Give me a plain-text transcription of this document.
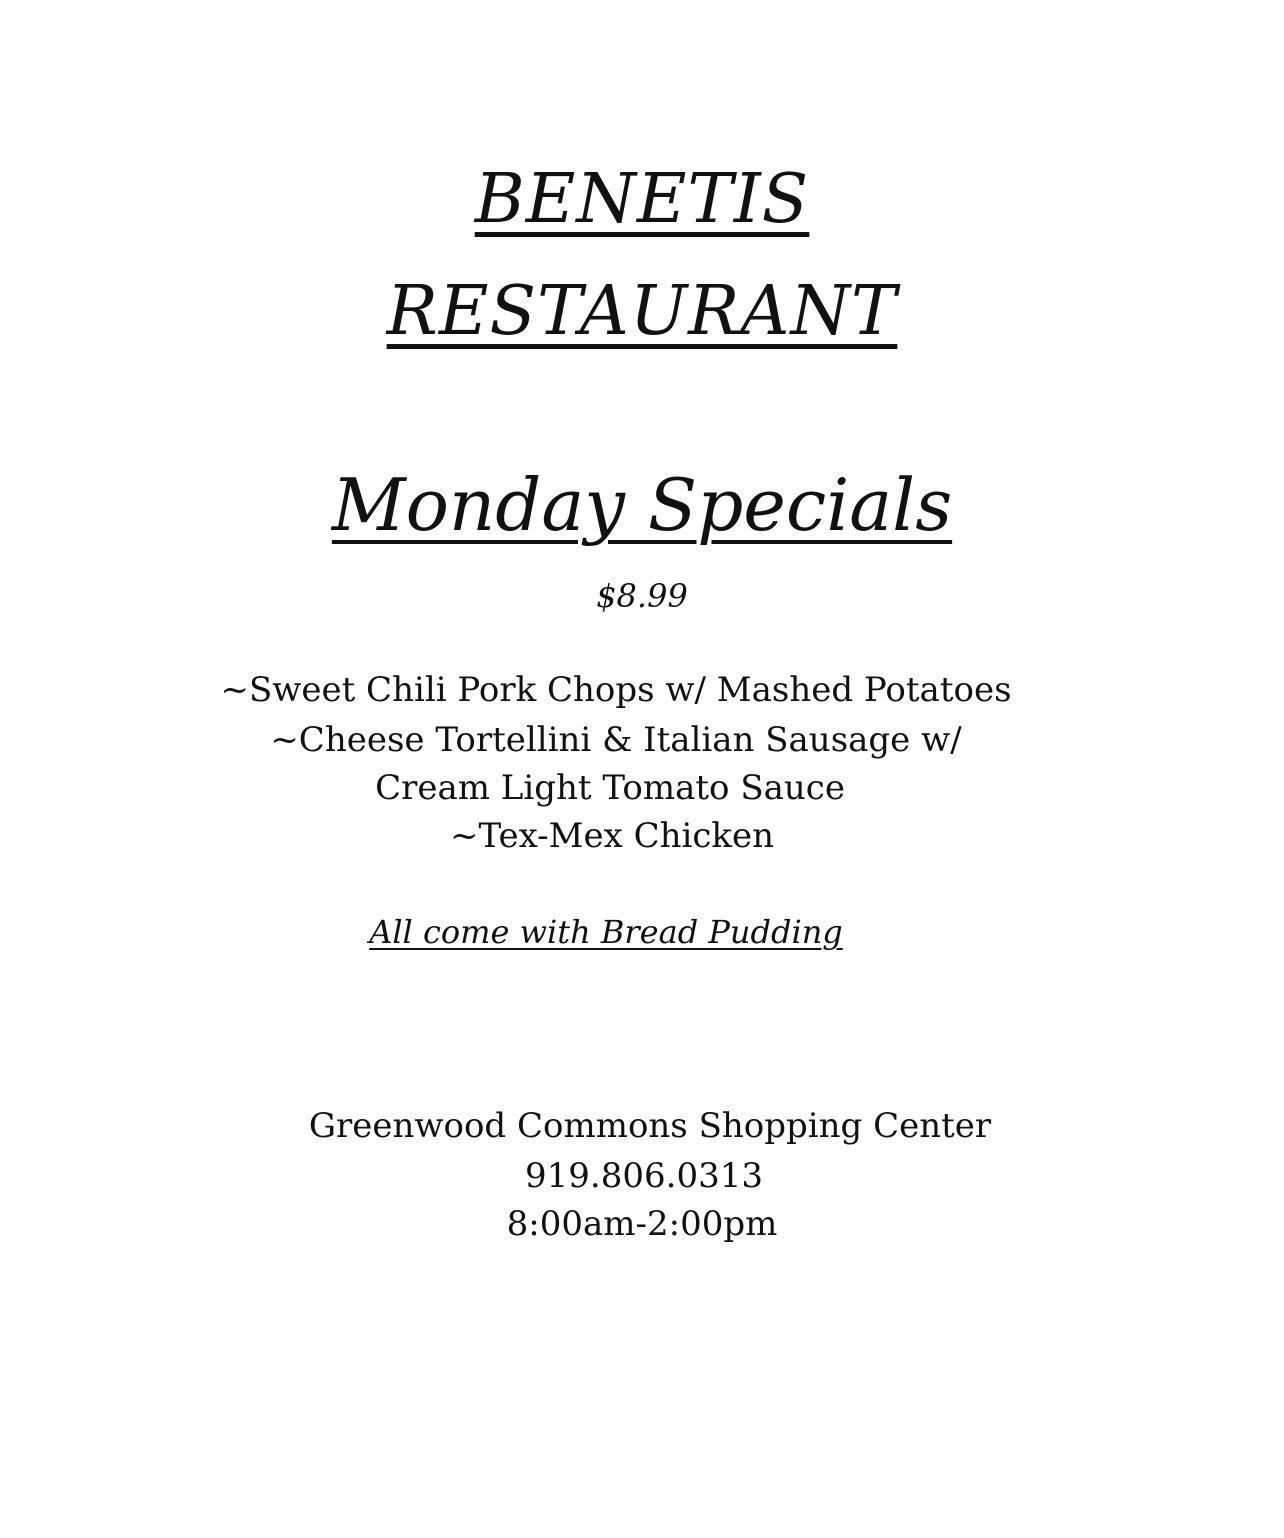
BENETIS

RESTAURANT

Monday Specials

$8.99

~Sweet Chili Pork Chops w/ Mashed Potatoes

~Cheese Tortellini & Italian Sausage w/

Cream Light Tomato Sauce

~Tex-Mex Chicken

All come with Bread Pudding

Greenwood Commons Shopping Center

919.806.0313

8:00am-2:00pm
